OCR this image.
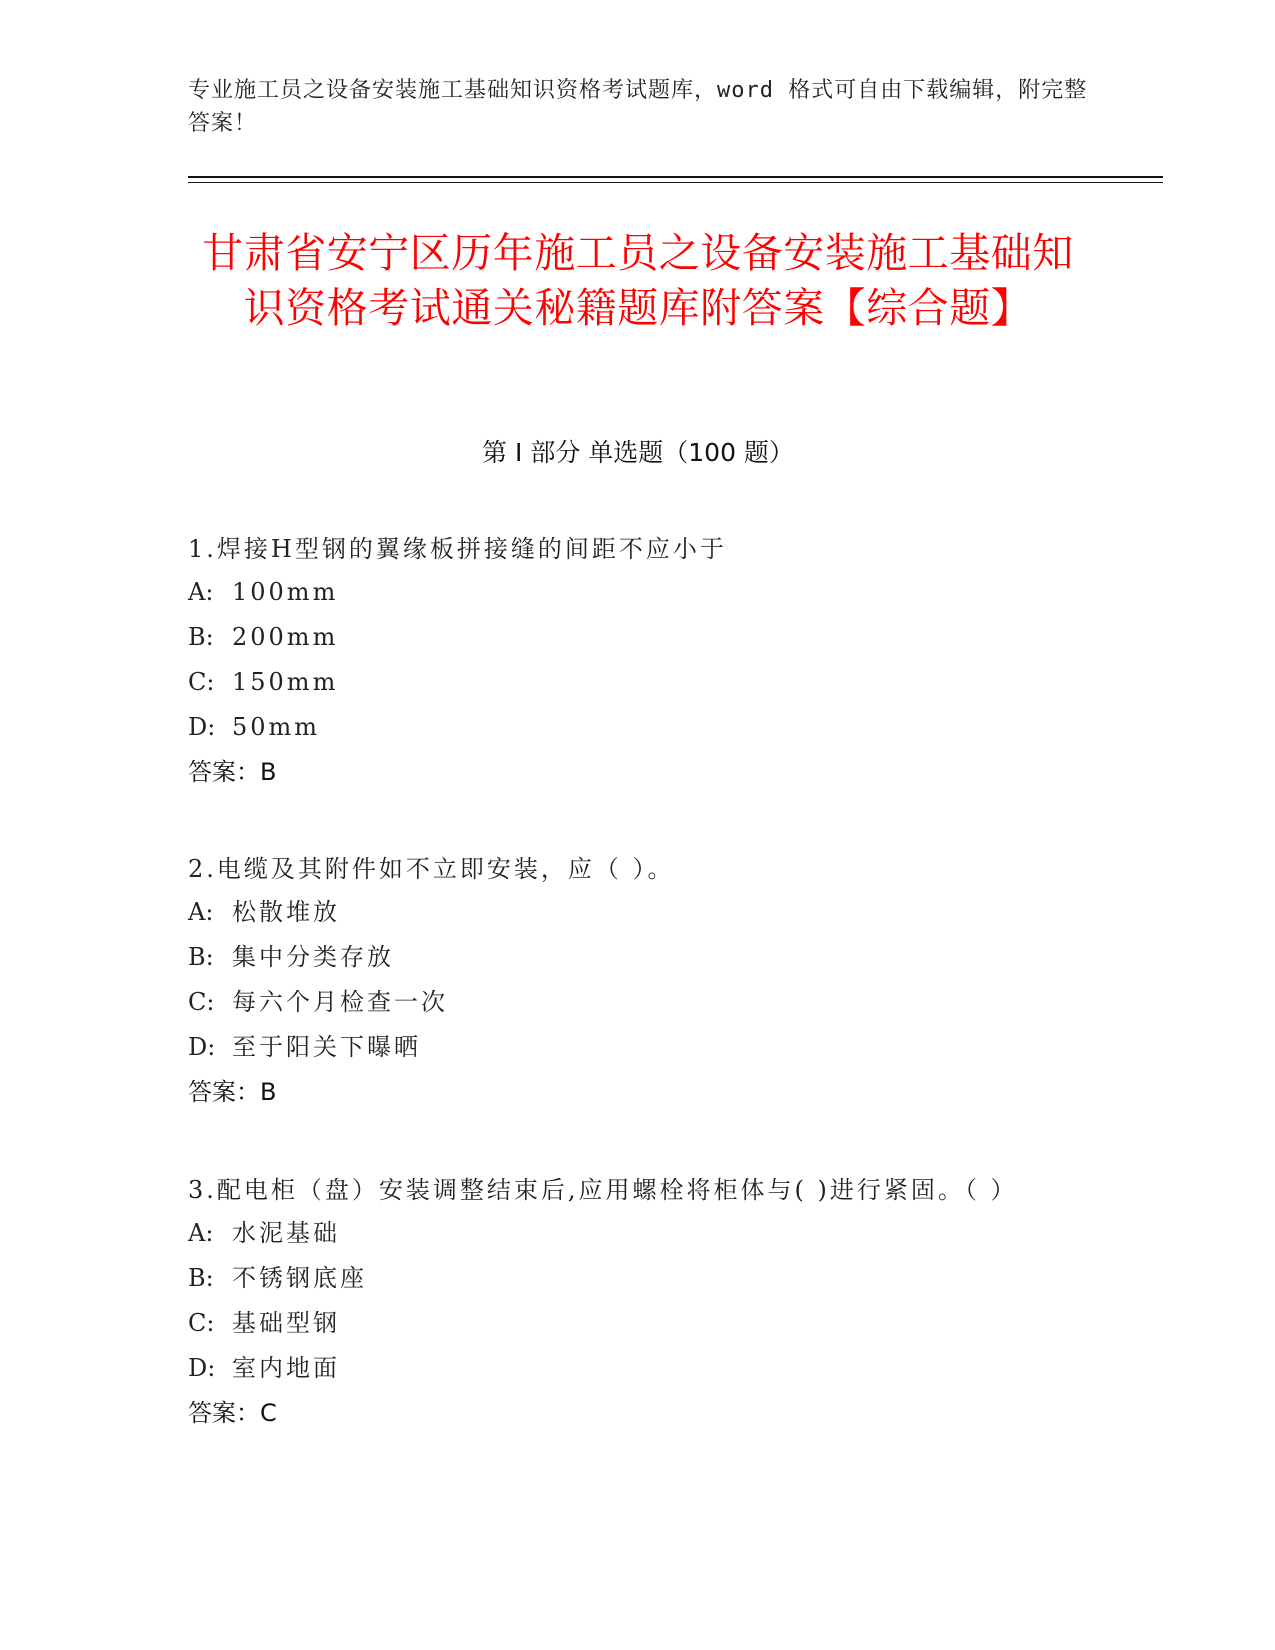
专业施工员之设备安装施工基础知识资格考试题库，word 格式可自由下载编辑，附完整答案！
甘肃省安宁区历年施工员之设备安装施工基础知识资格考试通关秘籍题库附答案【综合题】
第 I 部分 单选题（100 题）
1.焊接H型钢的翼缘板拼接缝的间距不应小于
A: 100mm
B: 200mm
C: 150mm
D: 50mm
答案：B
2.电缆及其附件如不立即安装，应（ ）。
A: 松散堆放
B: 集中分类存放
C: 每六个月检查一次
D: 至于阳关下曝晒
答案：B
3.配电柜（盘）安装调整结束后,应用螺栓将柜体与( )进行紧固。（ ）
A: 水泥基础
B: 不锈钢底座
C: 基础型钢
D: 室内地面
答案：C
